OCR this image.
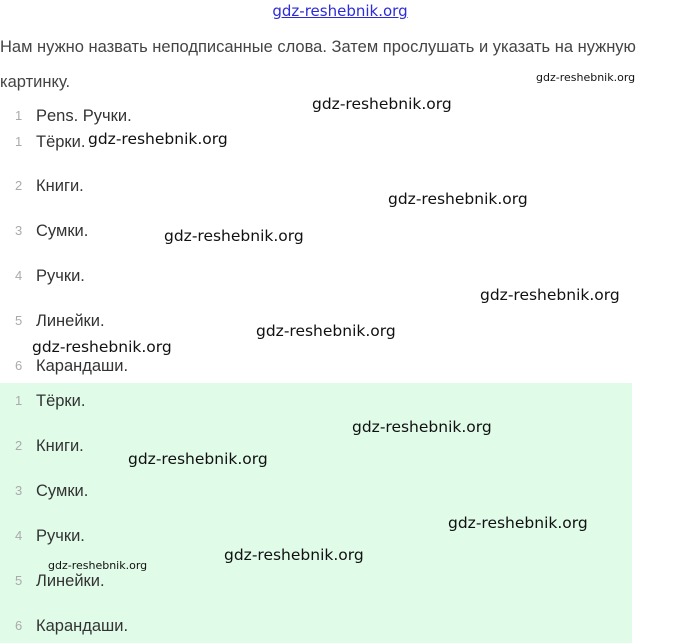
gdz-reshebnik.org
Нам нужно назвать неподписанные слова. Затем прослушать и указать на нужную картинку.
1 Pens. Ручки.
1 Тёрки.
2 Книги.
3 Сумки.
4 Ручки.
5 Линейки.
6 Карандаши.
1 Тёрки.
2 Книги.
3 Сумки.
4 Ручки.
5 Линейки.
6 Карандаши.
gdz-reshebnik.org
gdz-reshebnik.org
gdz-reshebnik.org
gdz-reshebnik.org
gdz-reshebnik.org
gdz-reshebnik.org
gdz-reshebnik.org
gdz-reshebnik.org
gdz-reshebnik.org
gdz-reshebnik.org
gdz-reshebnik.org
gdz-reshebnik.org
gdz-reshebnik.org
